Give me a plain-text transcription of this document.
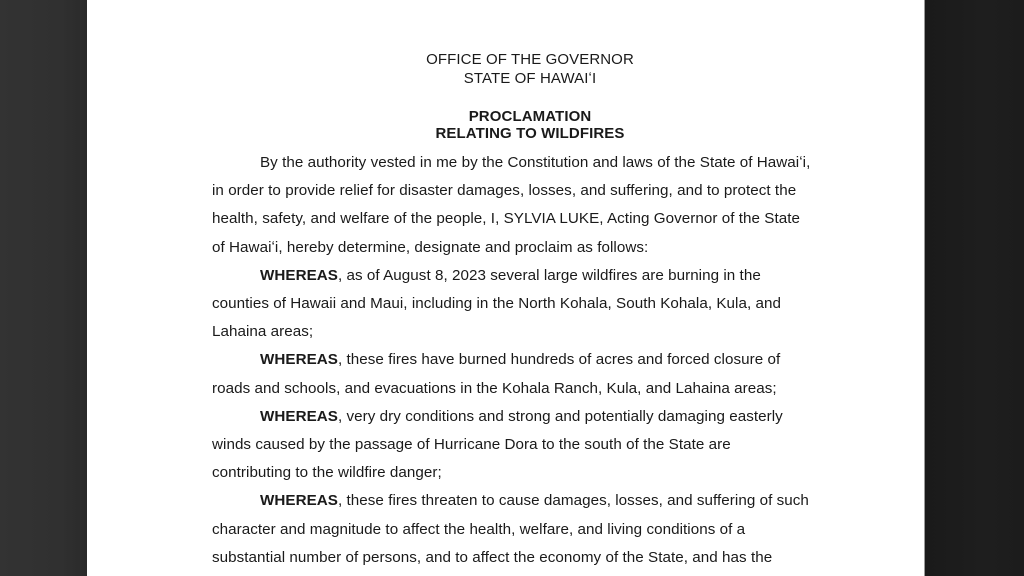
OFFICE OF THE GOVERNOR
STATE OF HAWAIʻI
PROCLAMATION
RELATING TO WILDFIRES
By the authority vested in me by the Constitution and laws of the State of Hawaiʻi,
in order to provide relief for disaster damages, losses, and suffering, and to protect the
health, safety, and welfare of the people, I, SYLVIA LUKE, Acting Governor of the State
of Hawaiʻi, hereby determine, designate and proclaim as follows:
WHEREAS, as of August 8, 2023 several large wildfires are burning in the
counties of Hawaii and Maui, including in the North Kohala, South Kohala, Kula, and
Lahaina areas;
WHEREAS, these fires have burned hundreds of acres and forced closure of
roads and schools, and evacuations in the Kohala Ranch, Kula, and Lahaina areas;
WHEREAS, very dry conditions and strong and potentially damaging easterly
winds caused by the passage of Hurricane Dora to the south of the State are
contributing to the wildfire danger;
WHEREAS, these fires threaten to cause damages, losses, and suffering of such
character and magnitude to affect the health, welfare, and living conditions of a
substantial number of persons, and to affect the economy of the State, and has the
